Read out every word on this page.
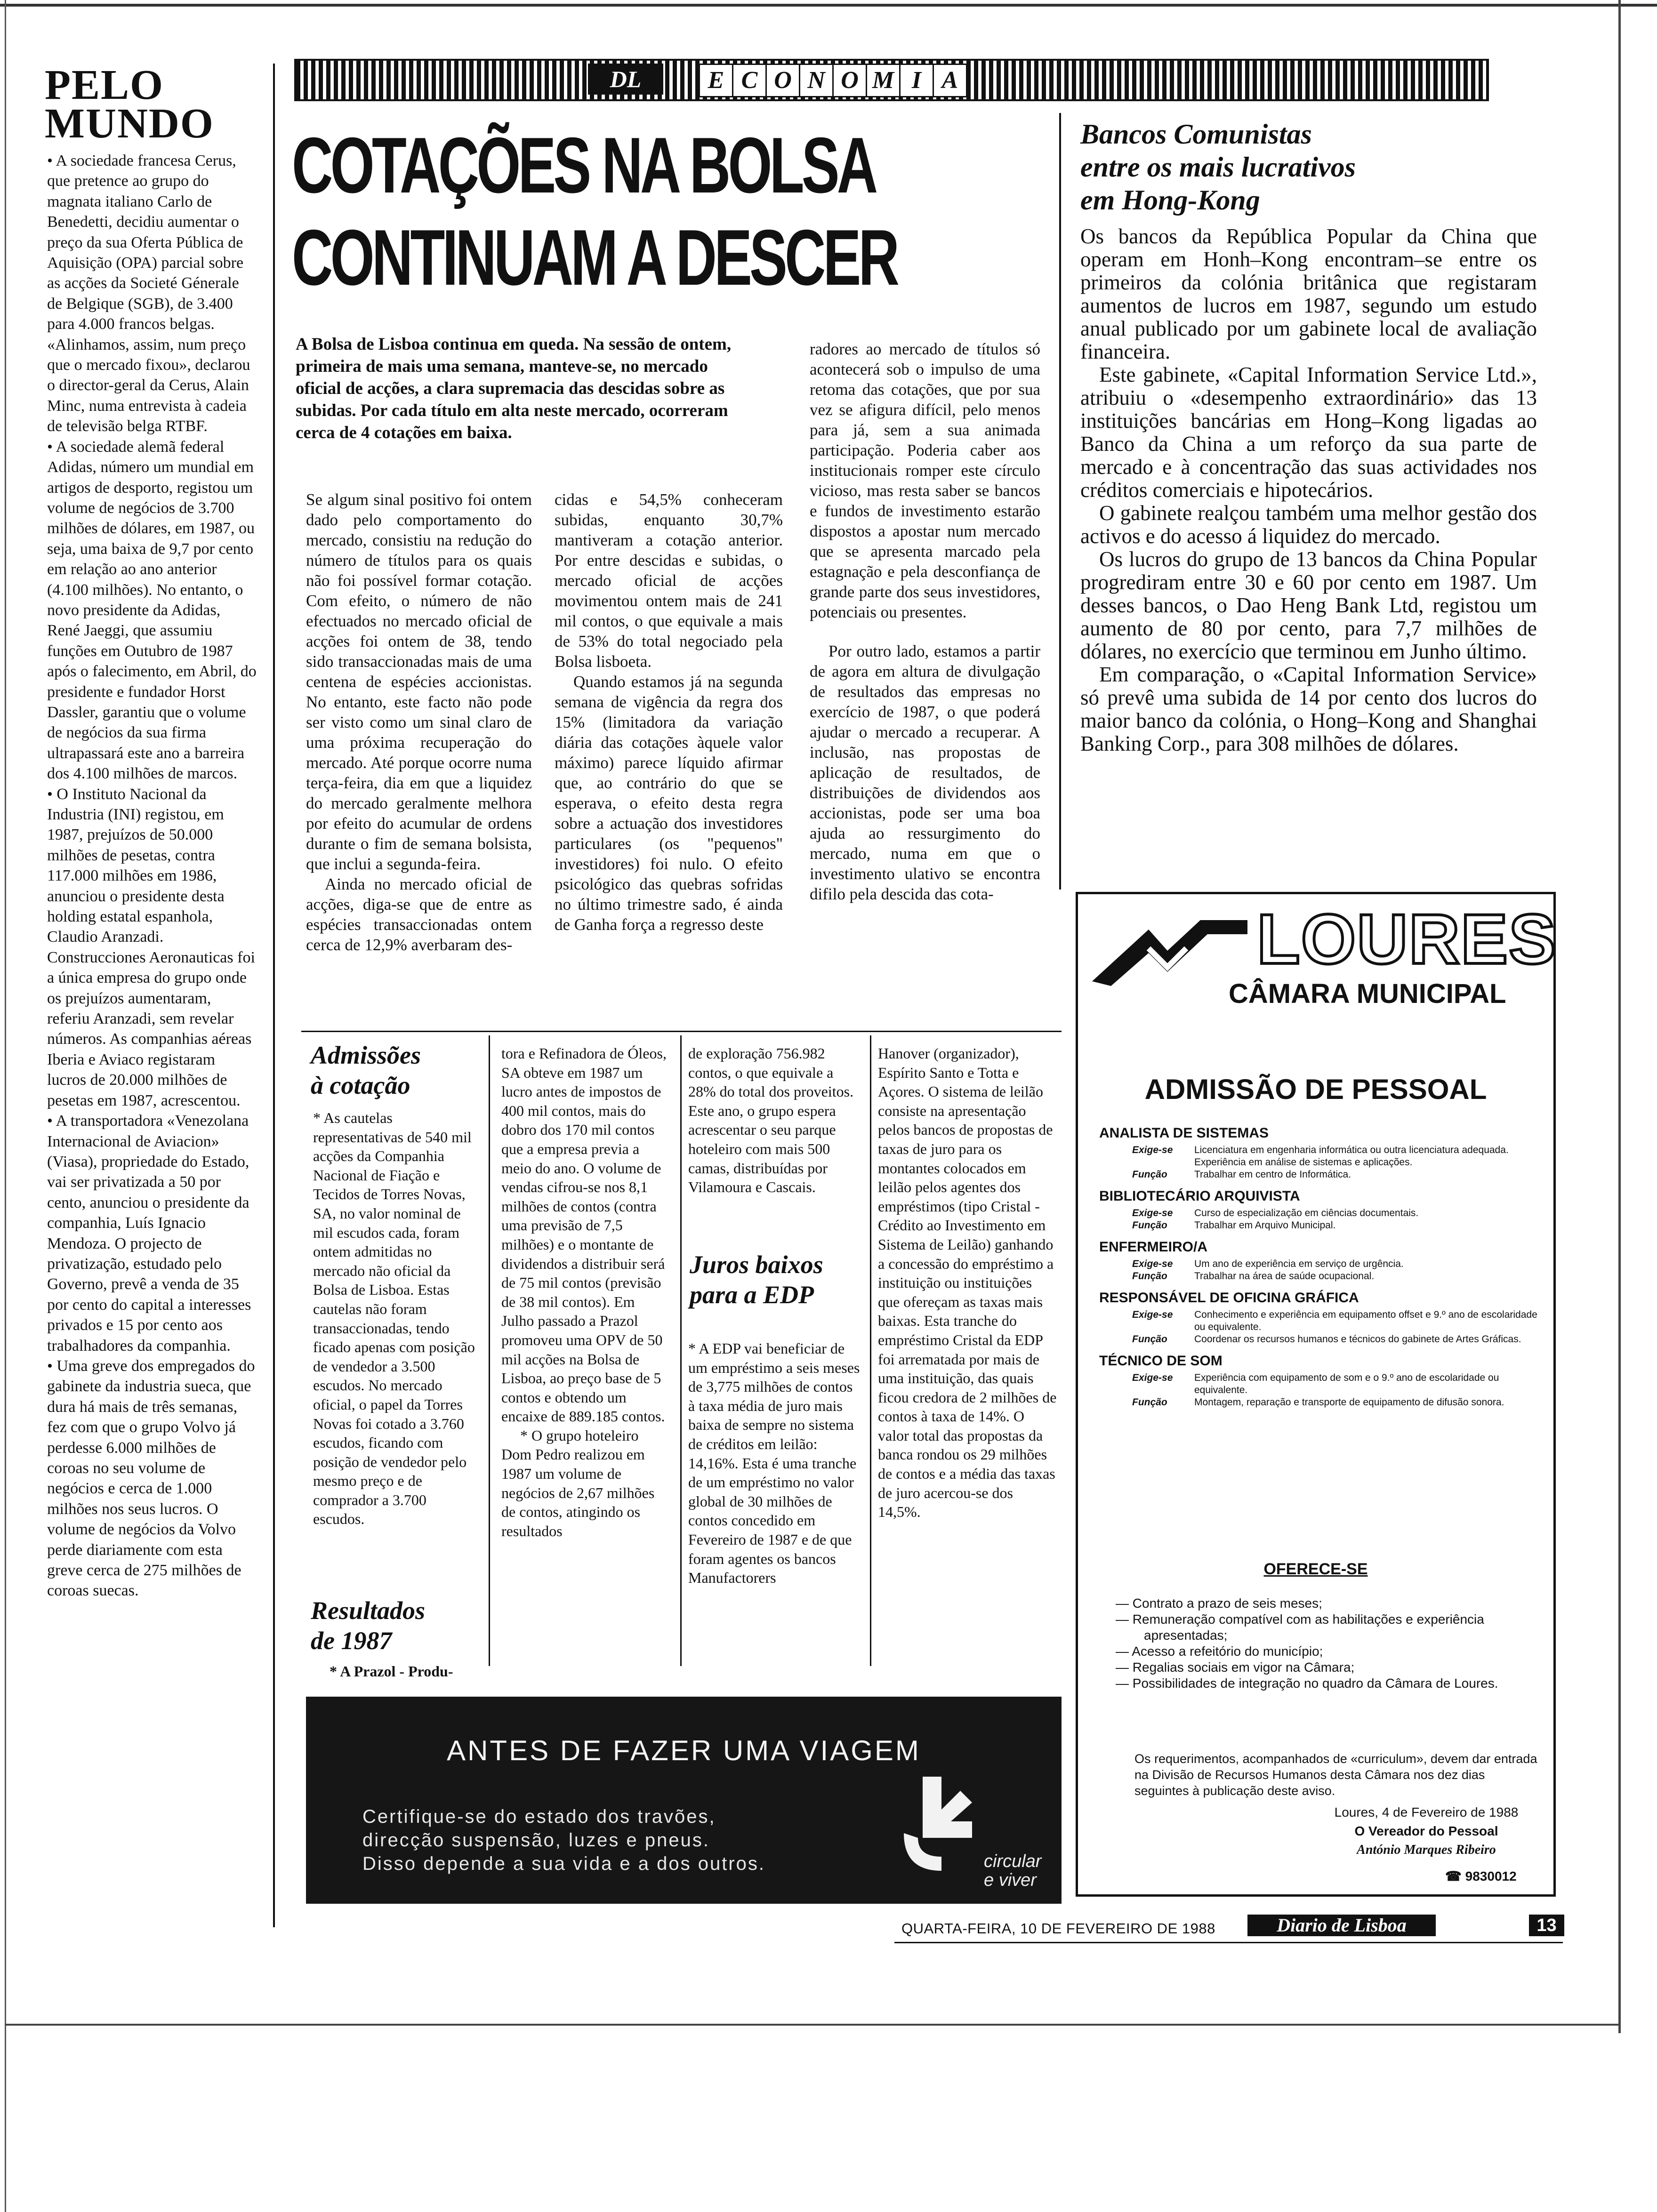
DL	E C O N O M I A
PELO
MUNDO

• A sociedade francesa Cerus, que pretence ao grupo do magnata italiano Carlo de Benedetti, decidiu aumentar o preço da sua Oferta Pública de Aquisição (OPA) parcial sobre as acções da Societé Génerale de Belgique (SGB), de 3.400 para 4.000 francos belgas. «Alinhamos, assim, num preço que o mercado fixou», declarou o director-geral da Cerus, Alain Minc, numa entrevista à cadeia de televisão belga RTBF.

• A sociedade alemã federal Adidas, número um mundial em artigos de desporto, registou um volume de negócios de 3.700 milhões de dólares, em 1987, ou seja, uma baixa de 9,7 por cento em relação ao ano anterior (4.100 milhões). No entanto, o novo presidente da Adidas, René Jaeggi, que assumiu funções em Outubro de 1987 após o falecimento, em Abril, do presidente e fundador Horst Dassler, garantiu que o volume de negócios da sua firma ultrapassará este ano a barreira dos 4.100 milhões de marcos.

• O Instituto Nacional da Industria (INI) registou, em 1987, prejuízos de 50.000 milhões de pesetas, contra 117.000 milhões em 1986, anunciou o presidente desta holding estatal espanhola, Claudio Aranzadi. Construcciones Aeronauticas foi a única empresa do grupo onde os prejuízos aumentaram, referiu Aranzadi, sem revelar números. As companhias aéreas Iberia e Aviaco registaram lucros de 20.000 milhões de pesetas em 1987, acrescentou.

• A transportadora «Venezolana Internacional de Aviacion» (Viasa), propriedade do Estado, vai ser privatizada a 50 por cento, anunciou o presidente da companhia, Luís Ignacio Mendoza. O projecto de privatização, estudado pelo Governo, prevê a venda de 35 por cento do capital a interesses privados e 15 por cento aos trabalhadores da companhia.

• Uma greve dos empregados do gabinete da industria sueca, que dura há mais de três semanas, fez com que o grupo Volvo já perdesse 6.000 milhões de coroas no seu volume de negócios e cerca de 1.000 milhões nos seus lucros. O volume de negócios da Volvo perde diariamente com esta greve cerca de 275 milhões de coroas suecas.

COTAÇÕES NA BOLSA
CONTINUAM A DESCER
A Bolsa de Lisboa continua em queda. Na sessão de ontem, primeira de mais uma semana, manteve-se, no mercado oficial de acções, a clara supremacia das descidas sobre as subidas. Por cada título em alta neste mercado, ocorreram cerca de 4 cotações em baixa.

Se algum sinal positivo foi ontem dado pelo comportamento do mercado, consistiu na redução do número de títulos para os quais não foi possível formar cotação. Com efeito, o número de não efectuados no mercado oficial de acções foi ontem de 38, tendo sido transaccionadas mais de uma centena de espécies accionistas. No entanto, este facto não pode ser visto como um sinal claro de uma próxima recuperação do mercado. Até porque ocorre numa terça-feira, dia em que a liquidez do mercado geralmente melhora por efeito do acumular de ordens durante o fim de semana bolsista, que inclui a segunda-feira.

Ainda no mercado oficial de acções, diga-se que de entre as espécies transaccionadas ontem cerca de 12,9% averbaram des-

cidas e 54,5% conheceram subidas, enquanto 30,7% mantiveram a cotação anterior. Por entre descidas e subidas, o mercado oficial de acções movimentou ontem mais de 241 mil contos, o que equivale a mais de 53% do total negociado pela Bolsa lisboeta.

Quando estamos já na segunda semana de vigência da regra dos 15% (limitadora da variação diária das cotações àquele valor máximo) parece líquido afirmar que, ao contrário do que se esperava, o efeito desta regra sobre a actuação dos investidores particulares (os "pequenos" investidores) foi nulo. O efeito psicológico das quebras sofridas no último trimestre sado, é ainda de Ganha força a regresso deste

radores ao mercado de títulos só acontecerá sob o impulso de uma retoma das cotações, que por sua vez se afigura difícil, pelo menos para já, sem a sua animada participação. Poderia caber aos institucionais romper este círculo vicioso, mas resta saber se bancos e fundos de investimento estarão dispostos a apostar num mercado que se apresenta marcado pela estagnação e pela desconfiança de grande parte dos seus investidores, potenciais ou presentes.

Por outro lado, estamos a partir de agora em altura de divulgação de resultados das empresas no exercício de 1987, o que poderá ajudar o mercado a recuperar. A inclusão, nas propostas de aplicação de resultados, de distribuições de dividendos aos accionistas, pode ser uma boa ajuda ao ressurgimento do mercado, numa em que o investimento ulativo se encontra difilo pela descida das cota-

Bancos Comunistas
entre os mais lucrativos
em Hong-Kong

Os bancos da República Popular da China que operam em Honh–Kong encontram–se entre os primeiros da colónia britânica que registaram aumentos de lucros em 1987, segundo um estudo anual publicado por um gabinete local de avaliação financeira.

Este gabinete, «Capital Information Service Ltd.», atribuiu o «desempenho extraordinário» das 13 instituições bancárias em Hong–Kong ligadas ao Banco da China a um reforço da sua parte de mercado e à concentração das suas actividades nos créditos comerciais e hipotecários.

O gabinete realçou também uma melhor gestão dos activos e do acesso á liquidez do mercado.

Os lucros do grupo de 13 bancos da China Popular progrediram entre 30 e 60 por cento em 1987. Um desses bancos, o Dao Heng Bank Ltd, registou um aumento de 80 por cento, para 7,7 milhões de dólares, no exercício que terminou em Junho último.

Em comparação, o «Capital Information Service» só prevê uma subida de 14 por cento dos lucros do maior banco da colónia, o Hong–Kong and Shanghai Banking Corp., para 308 milhões de dólares.

Admissões
à cotação
* As cautelas representativas de 540 mil acções da Companhia Nacional de Fiação e Tecidos de Torres Novas, SA, no valor nominal de mil escudos cada, foram ontem admitidas no mercado não oficial da Bolsa de Lisboa. Estas cautelas não foram transaccionadas, tendo ficado apenas com posição de vendedor a 3.500 escudos. No mercado oficial, o papel da Torres Novas foi cotado a 3.760 escudos, ficando com posição de vendedor pelo mesmo preço e de comprador a 3.700 escudos.
Resultados
de 1987
* A Prazol - Produ-

tora e Refinadora de Óleos, SA obteve em 1987 um lucro antes de impostos de 400 mil contos, mais do dobro dos 170 mil contos que a empresa previa a meio do ano. O volume de vendas cifrou-se nos 8,1 milhões de contos (contra uma previsão de 7,5 milhões) e o montante de dividendos a distribuir será de 75 mil contos (previsão de 38 mil contos). Em Julho passado a Prazol promoveu uma OPV de 50 mil acções na Bolsa de Lisboa, ao preço base de 5 contos e obtendo um encaixe de 889.185 contos.

* O grupo hoteleiro Dom Pedro realizou em 1987 um volume de negócios de 2,67 milhões de contos, atingindo os resultados

de exploração 756.982 contos, o que equivale a 28% do total dos proveitos. Este ano, o grupo espera acrescentar o seu parque hoteleiro com mais 500 camas, distribuídas por Vilamoura e Cascais.
Juros baixos
para a EDP
* A EDP vai beneficiar de um empréstimo a seis meses de 3,775 milhões de contos à taxa média de juro mais baixa de sempre no sistema de créditos em leilão: 14,16%. Esta é uma tranche de um empréstimo no valor global de 30 milhões de contos concedido em Fevereiro de 1987 e de que foram agentes os bancos Manufactorers
Hanover (organizador), Espírito Santo e Totta e Açores. O sistema de leilão consiste na apresentação pelos bancos de propostas de taxas de juro para os montantes colocados em leilão pelos agentes dos empréstimos (tipo Cristal - Crédito ao Investimento em Sistema de Leilão) ganhando a concessão do empréstimo a instituição ou instituições que ofereçam as taxas mais baixas. Esta tranche do empréstimo Cristal da EDP foi arrematada por mais de uma instituição, das quais ficou credora de 2 milhões de contos à taxa de 14%. O valor total das propostas da banca rondou os 29 milhões de contos e a média das taxas de juro acercou-se dos 14,5%.
ANTES DE FAZER UMA VIAGEM
Certifique-se do estado dos travões,
direcção suspensão, luzes e pneus.
Disso depende a sua vida e a dos outros.	circular
e viver
LOURES
CÂMARA MUNICIPAL
ADMISSÃO DE PESSOAL
ANALISTA DE SISTEMAS
Exige-se	Licenciatura em engenharia informática ou outra licenciatura adequada. Experiência em análise de sistemas e aplicações.
Função	Trabalhar em centro de Informática.
BIBLIOTECÁRIO ARQUIVISTA
Exige-se	Curso de especialização em ciências documentais.
Função	Trabalhar em Arquivo Municipal.
ENFERMEIRO/A
Exige-se	Um ano de experiência em serviço de urgência.
Função	Trabalhar na área de saúde ocupacional.
RESPONSÁVEL DE OFICINA GRÁFICA
Exige-se	Conhecimento e experiência em equipamento offset e 9.º ano de escolaridade ou equivalente.
Função	Coordenar os recursos humanos e técnicos do gabinete de Artes Gráficas.
TÉCNICO DE SOM
Exige-se	Experiência com equipamento de som e o 9.º ano de escolaridade ou equivalente.
Função	Montagem, reparação e transporte de equipamento de difusão sonora.
OFERECE-SE
— Contrato a prazo de seis meses;
— Remuneração compatível com as habilitações e experiência apresentadas;
— Acesso a refeitório do município;
— Regalias sociais em vigor na Câmara;
— Possibilidades de integração no quadro da Câmara de Loures.
Os requerimentos, acompanhados de «curriculum», devem dar entrada na Divisão de Recursos Humanos desta Câmara nos dez dias seguintes à publicação deste aviso.
Loures, 4 de Fevereiro de 1988
O Vereador do Pessoal
António Marques Ribeiro
☎ 9830012
QUARTA-FEIRA, 10 DE FEVEREIRO DE 1988	Diario de Lisboa	13
